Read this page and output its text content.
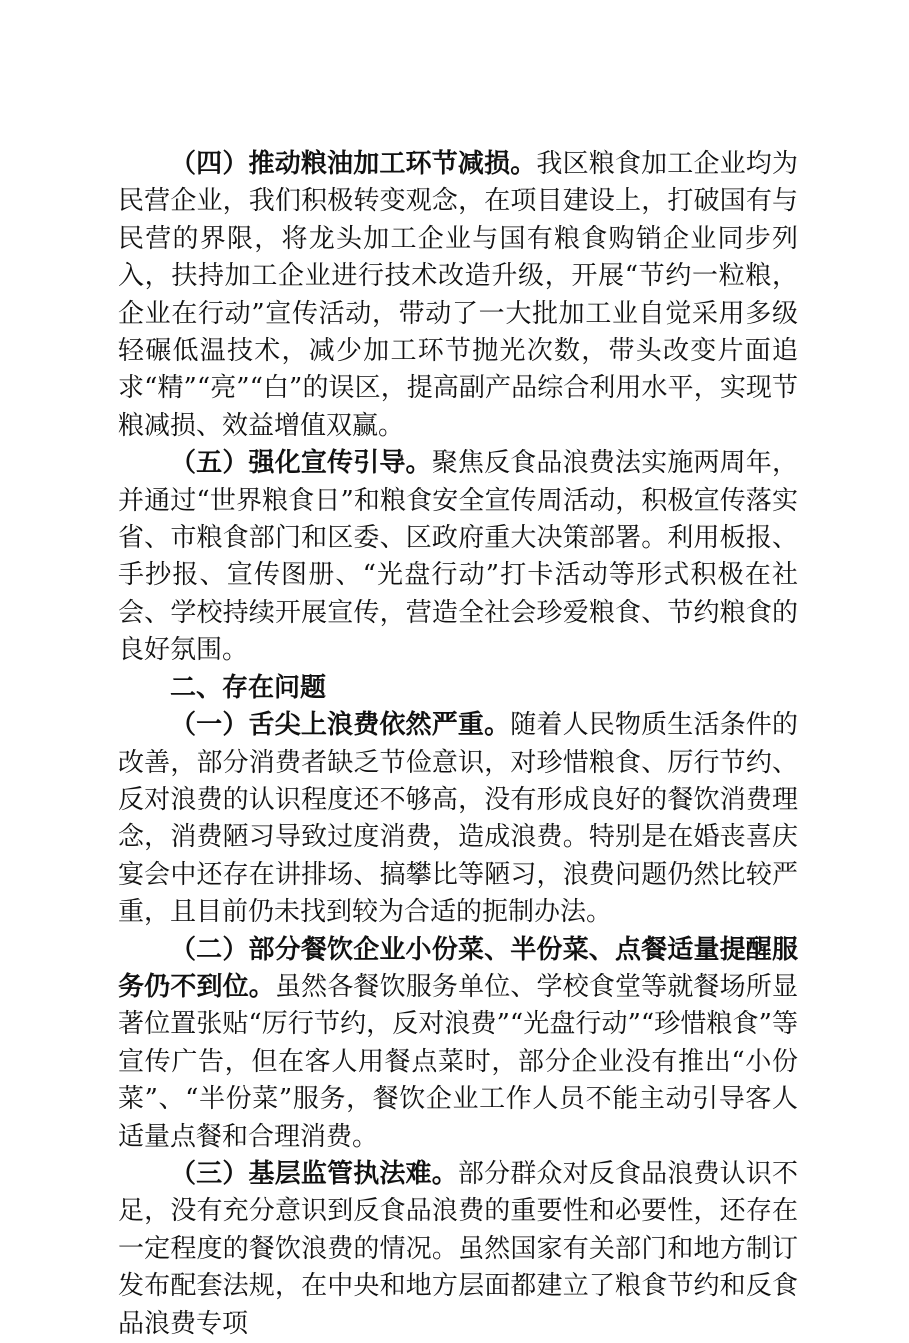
（四）推动粮油加工环节减损。我区粮食加工企业均为民营企业，我们积极转变观念，在项目建设上，打破国有与民营的界限，将龙头加工企业与国有粮食购销企业同步列入，扶持加工企业进行技术改造升级，开展“节约一粒粮，企业在行动”宣传活动，带动了一大批加工业自觉采用多级轻碾低温技术，减少加工环节抛光次数，带头改变片面追求“精”“亮”“白”的误区，提高副产品综合利用水平，实现节粮减损、效益增值双赢。

（五）强化宣传引导。聚焦反食品浪费法实施两周年，并通过“世界粮食日”和粮食安全宣传周活动，积极宣传落实省、市粮食部门和区委、区政府重大决策部署。利用板报、手抄报、宣传图册、“光盘行动”打卡活动等形式积极在社会、学校持续开展宣传，营造全社会珍爱粮食、节约粮食的良好氛围。

二、存在问题

（一）舌尖上浪费依然严重。随着人民物质生活条件的改善，部分消费者缺乏节俭意识，对珍惜粮食、厉行节约、反对浪费的认识程度还不够高，没有形成良好的餐饮消费理念，消费陋习导致过度消费，造成浪费。特别是在婚丧喜庆宴会中还存在讲排场、搞攀比等陋习，浪费问题仍然比较严重，且目前仍未找到较为合适的扼制办法。

（二）部分餐饮企业小份菜、半份菜、点餐适量提醒服务仍不到位。虽然各餐饮服务单位、学校食堂等就餐场所显著位置张贴“厉行节约，反对浪费”“光盘行动”“珍惜粮食”等宣传广告，但在客人用餐点菜时，部分企业没有推出“小份菜”、“半份菜”服务，餐饮企业工作人员不能主动引导客人适量点餐和合理消费。

（三）基层监管执法难。部分群众对反食品浪费认识不足，没有充分意识到反食品浪费的重要性和必要性，还存在一定程度的餐饮浪费的情况。虽然国家有关部门和地方制订发布配套法规，在中央和地方层面都建立了粮食节约和反食品浪费专项
